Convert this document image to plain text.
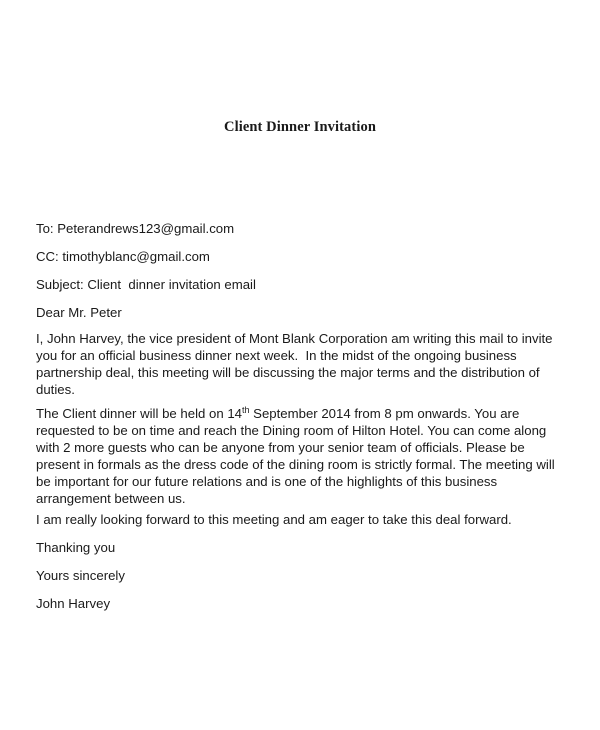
Client Dinner Invitation

To: Peterandrews123@gmail.com

CC: timothyblanc@gmail.com

Subject: Client  dinner invitation email

Dear Mr. Peter

I, John Harvey, the vice president of Mont Blank Corporation am writing this mail to invite you for an official business dinner next week.  In the midst of the ongoing business partnership deal, this meeting will be discussing the major terms and the distribution of duties.

The Client dinner will be held on 14th September 2014 from 8 pm onwards. You are requested to be on time and reach the Dining room of Hilton Hotel. You can come along with 2 more guests who can be anyone from your senior team of officials. Please be present in formals as the dress code of the dining room is strictly formal. The meeting will be important for our future relations and is one of the highlights of this business arrangement between us.

I am really looking forward to this meeting and am eager to take this deal forward.

Thanking you

Yours sincerely

John Harvey
